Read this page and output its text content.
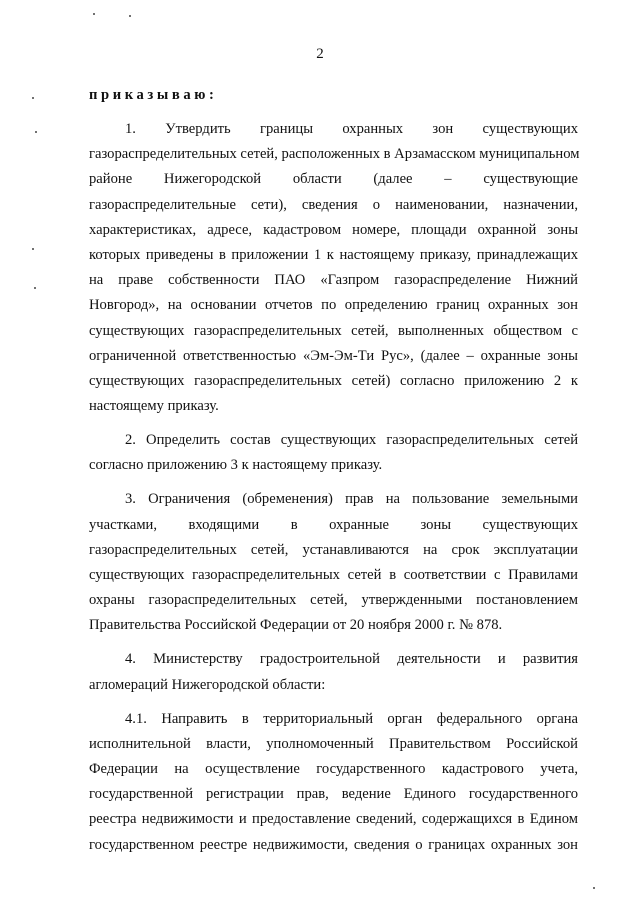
2
приказываю:
1. Утвердить границы охранных зон существующих
газораспределительных сетей, расположенных в Арзамасском муниципальном
районе Нижегородской области (далее – существующие
газораспределительные сети), сведения о наименовании, назначении,
характеристиках, адресе, кадастровом номере, площади охранной зоны
которых приведены в приложении 1 к настоящему приказу, принадлежащих
на праве собственности ПАО «Газпром газораспределение Нижний
Новгород», на основании отчетов по определению границ охранных зон
существующих газораспределительных сетей, выполненных обществом с
ограниченной ответственностью «Эм-Эм-Ти Рус», (далее – охранные зоны
существующих газораспределительных сетей) согласно приложению 2 к
настоящему приказу.
2. Определить состав существующих газораспределительных сетей
согласно приложению 3 к настоящему приказу.
3. Ограничения (обременения) прав на пользование земельными
участками, входящими в охранные зоны существующих
газораспределительных сетей, устанавливаются на срок эксплуатации
существующих газораспределительных сетей в соответствии с Правилами
охраны газораспределительных сетей, утвержденными постановлением
Правительства Российской Федерации от 20 ноября 2000 г. № 878.
4. Министерству градостроительной деятельности и развития
агломераций Нижегородской области:
4.1. Направить в территориальный орган федерального органа
исполнительной власти, уполномоченный Правительством Российской
Федерации на осуществление государственного кадастрового учета,
государственной регистрации прав, ведение Единого государственного
реестра недвижимости и предоставление сведений, содержащихся в Едином
государственном реестре недвижимости, сведения о границах охранных зон
